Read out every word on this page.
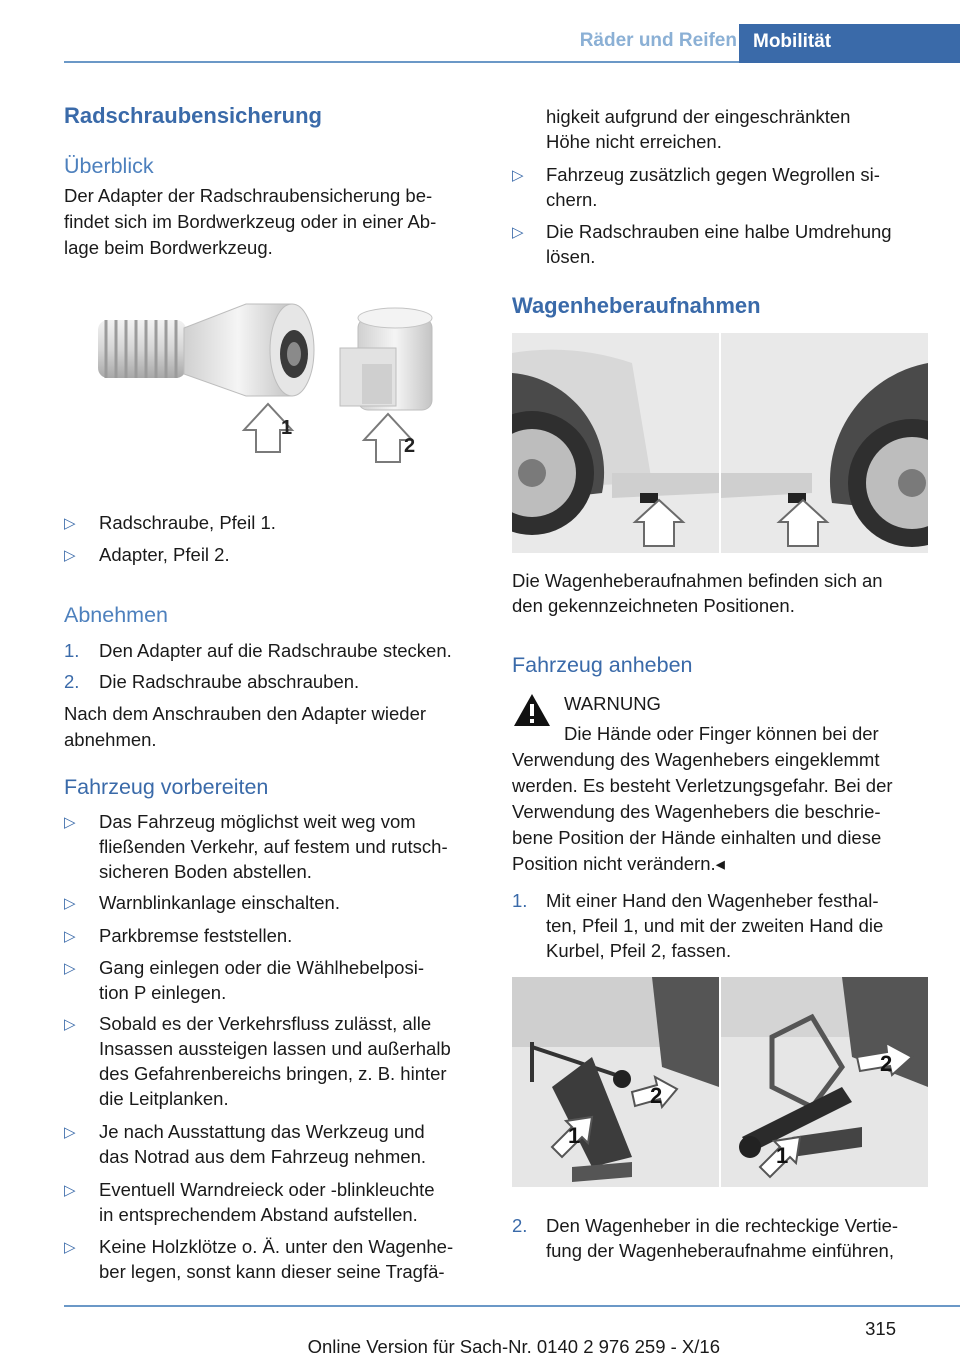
Räder und Reifen Mobilität
Radschraubensicherung
Überblick
Der Adapter der Radschraubensicherung be-
findet sich im Bordwerkzeug oder in einer Ab-
lage beim Bordwerkzeug.
1
2
▷ Radschraube, Pfeil 1.
▷ Adapter, Pfeil 2.
Abnehmen
1. Den Adapter auf die Radschraube stecken.
2. Die Radschraube abschrauben.
Nach dem Anschrauben den Adapter wieder
abnehmen.
Fahrzeug vorbereiten
▷ Das Fahrzeug möglichst weit weg vom
fließenden Verkehr, auf festem und rutsch-
sicheren Boden abstellen.
▷ Warnblinkanlage einschalten.
▷ Parkbremse feststellen.
▷ Gang einlegen oder die Wählhebelposi-
tion P einlegen.
▷ Sobald es der Verkehrsfluss zulässt, alle
Insassen aussteigen lassen und außerhalb
des Gefahrenbereichs bringen, z. B. hinter
die Leitplanken.
▷ Je nach Ausstattung das Werkzeug und
das Notrad aus dem Fahrzeug nehmen.
▷ Eventuell Warndreieck oder -blinkleuchte
in entsprechendem Abstand aufstellen.
▷ Keine Holzklötze o. Ä. unter den Wagenhe-
ber legen, sonst kann dieser seine Tragfä-
higkeit aufgrund der eingeschränkten
Höhe nicht erreichen.
▷ Fahrzeug zusätzlich gegen Wegrollen si-
chern.
▷ Die Radschrauben eine halbe Umdrehung
lösen.
Wagenheberaufnahmen
Die Wagenheberaufnahmen befinden sich an
den gekennzeichneten Positionen.
Fahrzeug anheben
WARNUNG
Die Hände oder Finger können bei der
Verwendung des Wagenhebers eingeklemmt
werden. Es besteht Verletzungsgefahr. Bei der
Verwendung des Wagenhebers die beschrie-
bene Position der Hände einhalten und diese
Position nicht verändern.◂
1. Mit einer Hand den Wagenheber festhal-
ten, Pfeil 1, und mit der zweiten Hand die
Kurbel, Pfeil 2, fassen.
1
2
1
2
2. Den Wagenheber in die rechteckige Vertie-
fung der Wagenheberaufnahme einführen,
315
Online Version für Sach-Nr. 0140 2 976 259 - X/16
